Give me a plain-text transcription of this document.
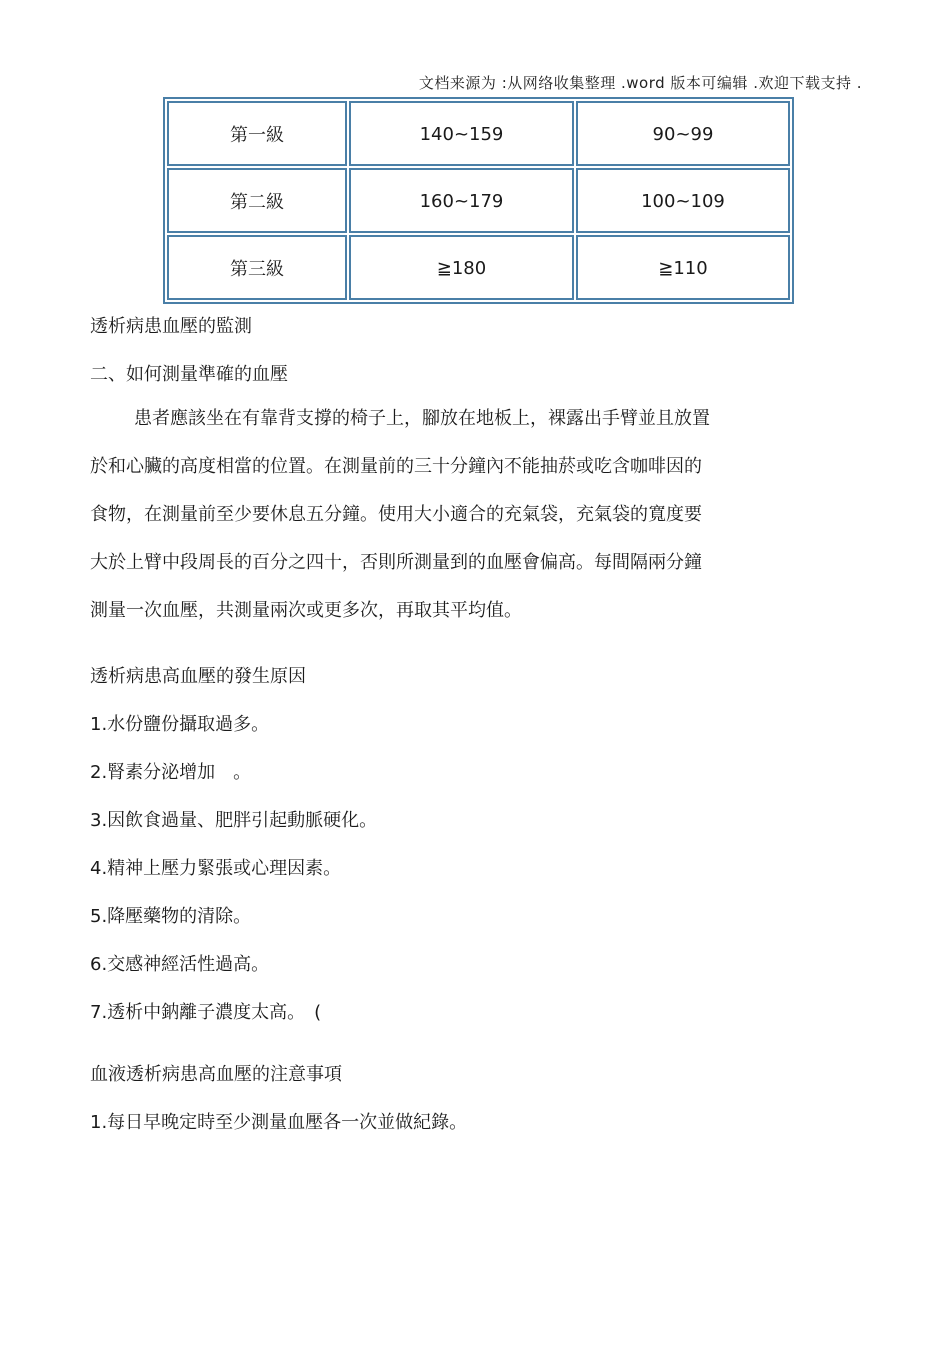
文档来源为 :从网络收集整理 .word 版本可编辑 .欢迎下载支持 .
第一級	140~159	90~99
第二級	160~179	100~109
第三級	≧180	≧110
透析病患血壓的監測
二、如何測量準確的血壓
患者應該坐在有靠背支撐的椅子上，腳放在地板上，裸露出手臂並且放置
於和心臟的高度相當的位置。在測量前的三十分鐘內不能抽菸或吃含咖啡因的
食物，在測量前至少要休息五分鐘。使用大小適合的充氣袋，充氣袋的寬度要
大於上臂中段周長的百分之四十，否則所測量到的血壓會偏高。每間隔兩分鐘
測量一次血壓，共測量兩次或更多次，再取其平均值。
透析病患高血壓的發生原因
1.水份鹽份攝取過多。
2.腎素分泌增加　。
3.因飲食過量、肥胖引起動脈硬化。
4.精神上壓力緊張或心理因素。
5.降壓藥物的清除。
6.交感神經活性過高。
7.透析中鈉離子濃度太高。　(
血液透析病患高血壓的注意事項
1.每日早晚定時至少測量血壓各一次並做紀錄。
